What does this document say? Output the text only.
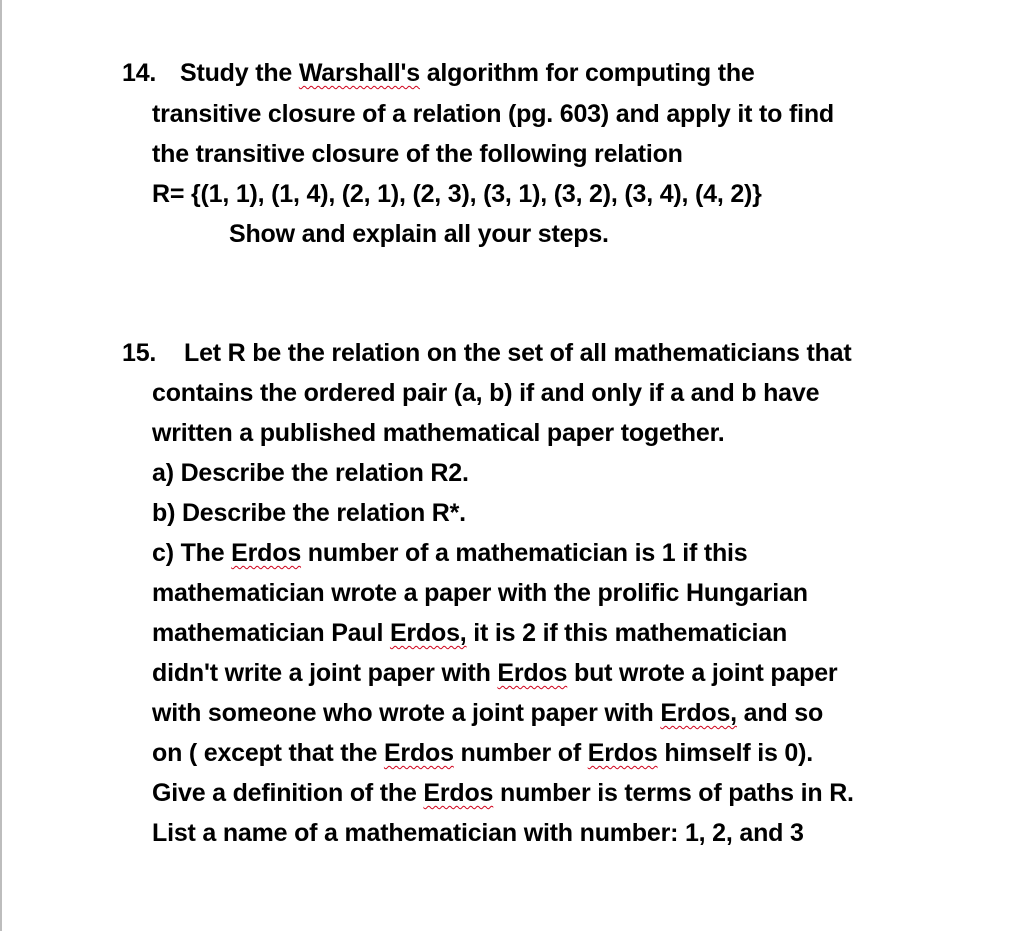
14. Study the Warshall's algorithm for computing the
transitive closure of a relation (pg. 603) and apply it to find
the transitive closure of the following relation
R= {(1, 1), (1, 4), (2, 1), (2, 3), (3, 1), (3, 2), (3, 4), (4, 2)}
Show and explain all your steps.
15. Let R be the relation on the set of all mathematicians that
contains the ordered pair (a, b) if and only if a and b have
written a published mathematical paper together.
a) Describe the relation R2.
b) Describe the relation R*.
c) The Erdos number of a mathematician is 1 if this
mathematician wrote a paper with the prolific Hungarian
mathematician Paul Erdos, it is 2 if this mathematician
didn't write a joint paper with Erdos but wrote a joint paper
with someone who wrote a joint paper with Erdos, and so
on ( except that the Erdos number of Erdos himself is 0).
Give a definition of the Erdos number is terms of paths in R.
List a name of a mathematician with number: 1, 2, and 3
